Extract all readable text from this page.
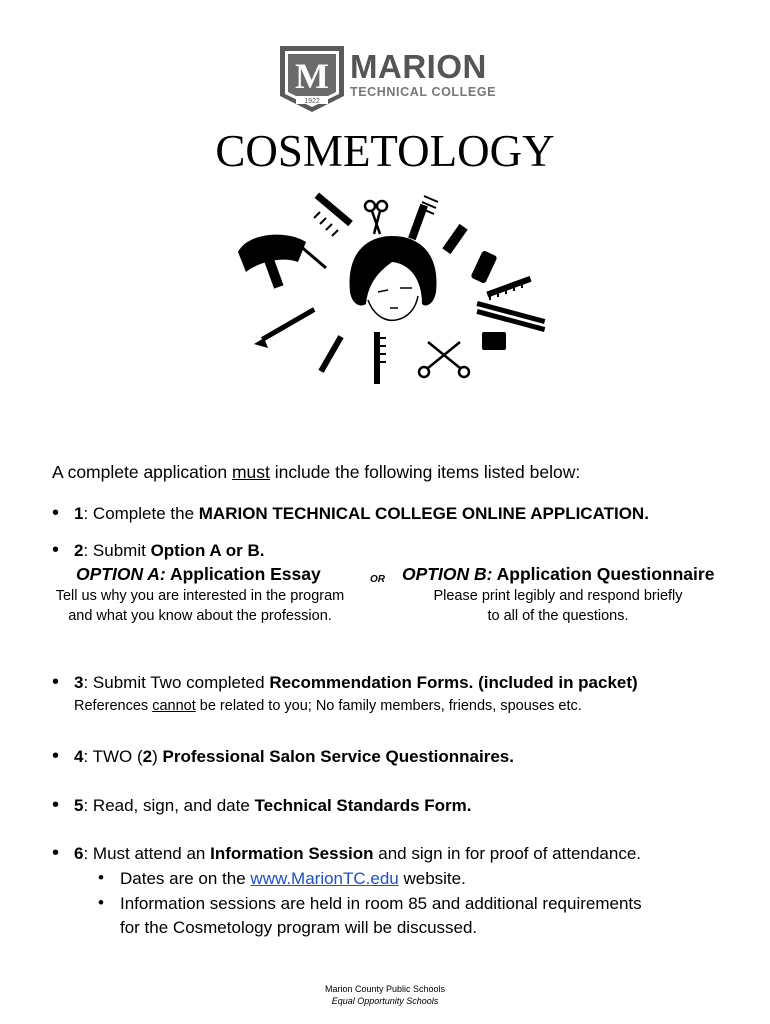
M
1922
MARION
TECHNICAL COLLEGE
COSMETOLOGY
A complete application must include the following items listed below:
• 1: Complete the MARION TECHNICAL COLLEGE ONLINE APPLICATION.
• 2: Submit Option A or B.
OPTION A: Application Essay
Tell us why you are interested in the program
and what you know about the profession.
OR OPTION B: Application Questionnaire
Please print legibly and respond briefly
to all of the questions.
• 3: Submit Two completed Recommendation Forms. (included in packet)
References cannot be related to you; No family members, friends, spouses etc.
• 4: TWO (2) Professional Salon Service Questionnaires.
• 5: Read, sign, and date Technical Standards Form.
• 6: Must attend an Information Session and sign in for proof of attendance.
• Dates are on the www.MarionTC.edu website.
• Information sessions are held in room 85 and additional requirements
for the Cosmetology program will be discussed.
Marion County Public Schools
Equal Opportunity Schools
